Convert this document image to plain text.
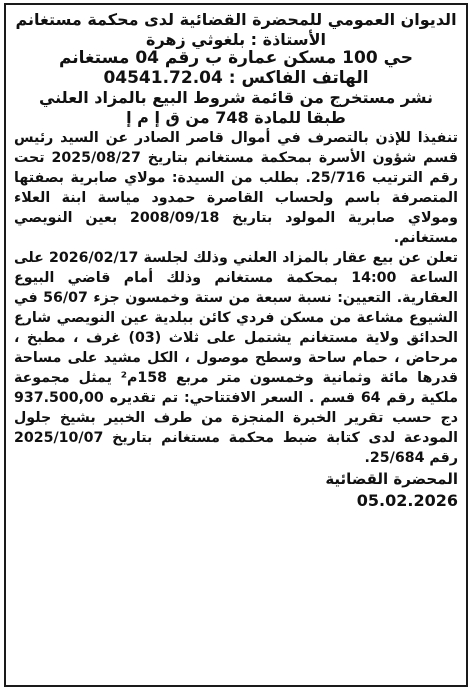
الديوان العمومي للمحضرة القضائية لدى محكمة مستغانم
الأستاذة : بلغوثي زهرة
حي 100 مسكن عمارة ب رقم 04 مستغانم
الهاتف الفاكس : 04541.72.04
نشر مستخرج من قائمة شروط البيع بالمزاد العلني
طبقا للمادة 748 من ق إ م إ

تنفيذا للإذن بالتصرف في أموال قاصر الصادر عن السيد رئيس قسم شؤون الأسرة بمحكمة مستغانم بتاريخ 2025/08/27 تحت رقم الترتيب 25/716. بطلب من السيدة: مولاي صابرية بصفتها المتصرفة باسم ولحساب القاصرة حمدود مياسة ابنة العلاء ومولاي صابرية المولود بتاريخ 2008/09/18 بعين النويصي مستغانم.

تعلن عن بيع عقار بالمزاد العلني وذلك لجلسة 2026/02/17 على الساعة 14:00 بمحكمة مستغانم وذلك أمام قاضي البيوع العقارية. التعيين: نسبة سبعة من ستة وخمسون جزء 56/07 في الشيوع مشاعة من مسكن فردي كائن ببلدية عين النويصي شارع الحدائق ولاية مستغانم يشتمل على ثلاث (03) غرف ، مطبخ ، مرحاض ، حمام ساحة وسطح موصول ، الكل مشيد على مساحة قدرها مائة وثمانية وخمسون متر مربع 158م² يمثل مجموعة ملكية رقم 64 قسم . السعر الافتتاحي: تم تقديره 937.500,00 دج حسب تقرير الخبرة المنجزة من طرف الخبير بشيخ جلول المودعة لدى كتابة ضبط محكمة مستغانم بتاريخ 2025/10/07 رقم 25/684.

المحضرة القضائية
05.02.2026
